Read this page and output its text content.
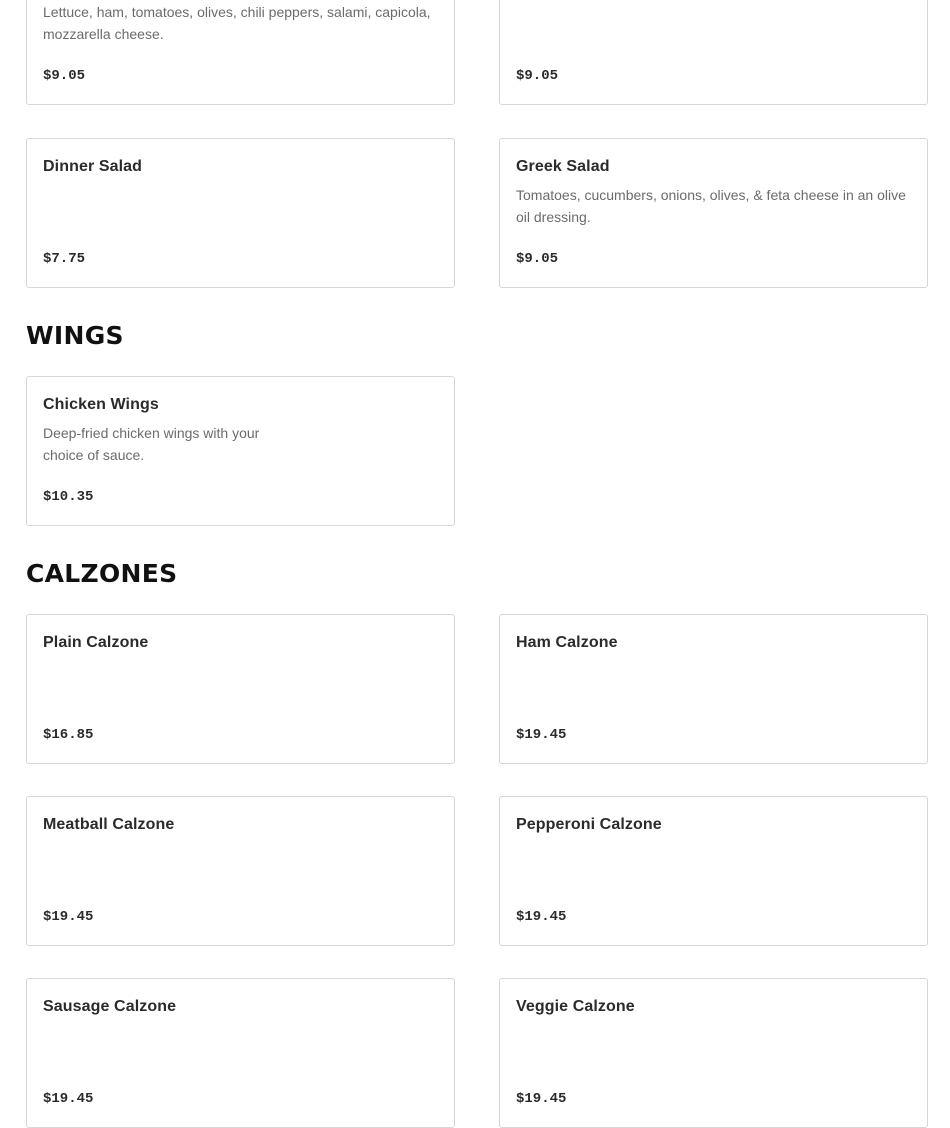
Lettuce, ham, tomatoes, olives, chili peppers, salami, capicola, mozzarella cheese.
$9.05	$9.05
Dinner Salad
$7.75
Greek Salad
Tomatoes, cucumbers, onions, olives, & feta cheese in an olive oil dressing.
$9.05
WINGS
Chicken Wings
Deep-fried chicken wings with your choice of sauce.
$10.35
CALZONES
Plain Calzone
$16.85
Ham Calzone
$19.45
Meatball Calzone
$19.45
Pepperoni Calzone
$19.45
Sausage Calzone
$19.45
Veggie Calzone
$19.45
